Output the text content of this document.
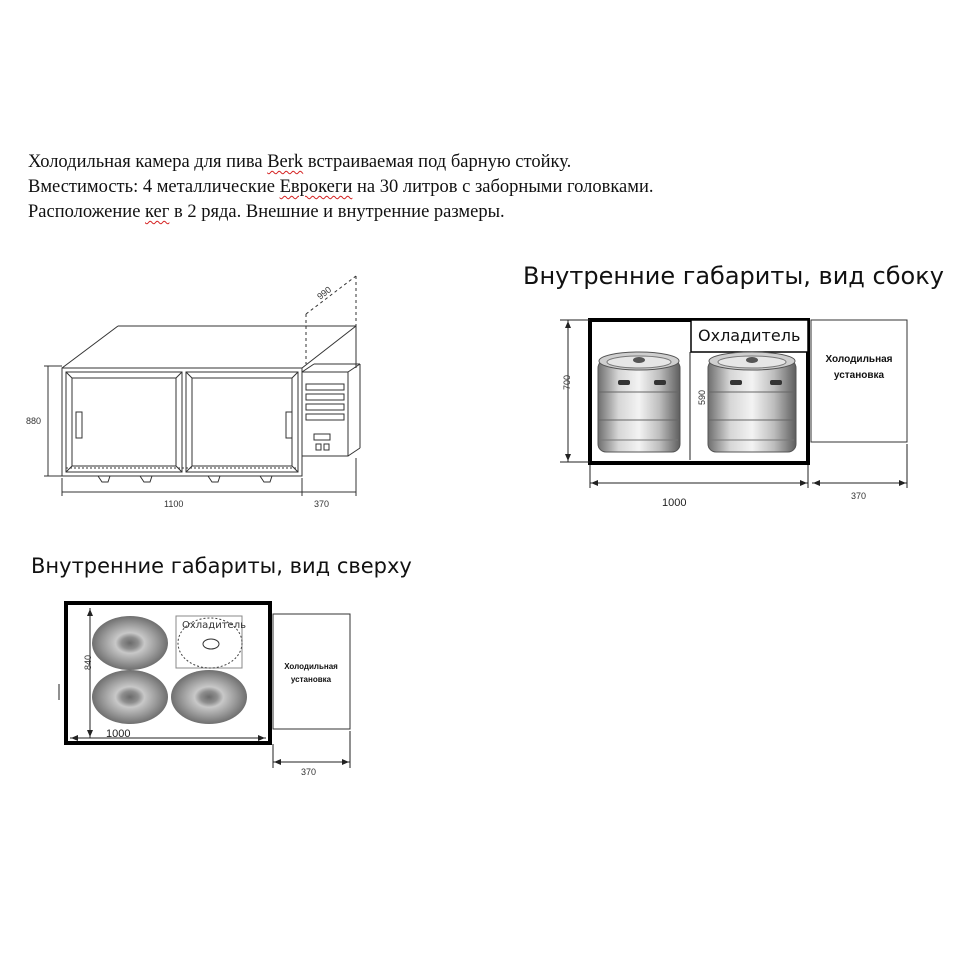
Холодильная камера для пива Berk встраиваемая под барную стойку.

Вместимость: 4 металлические Еврокеги на 30 литров с заборными головками.

Расположение кег в 2 ряда. Внешние и внутренние размеры.

990
880
1100	370
Внутренние габариты, вид сбоку
Охладитель
Холодильная
установка
700
590
1000
370
Внутренние габариты, вид сверху
Холодильная
установка
Охладитель
840
1000
370
